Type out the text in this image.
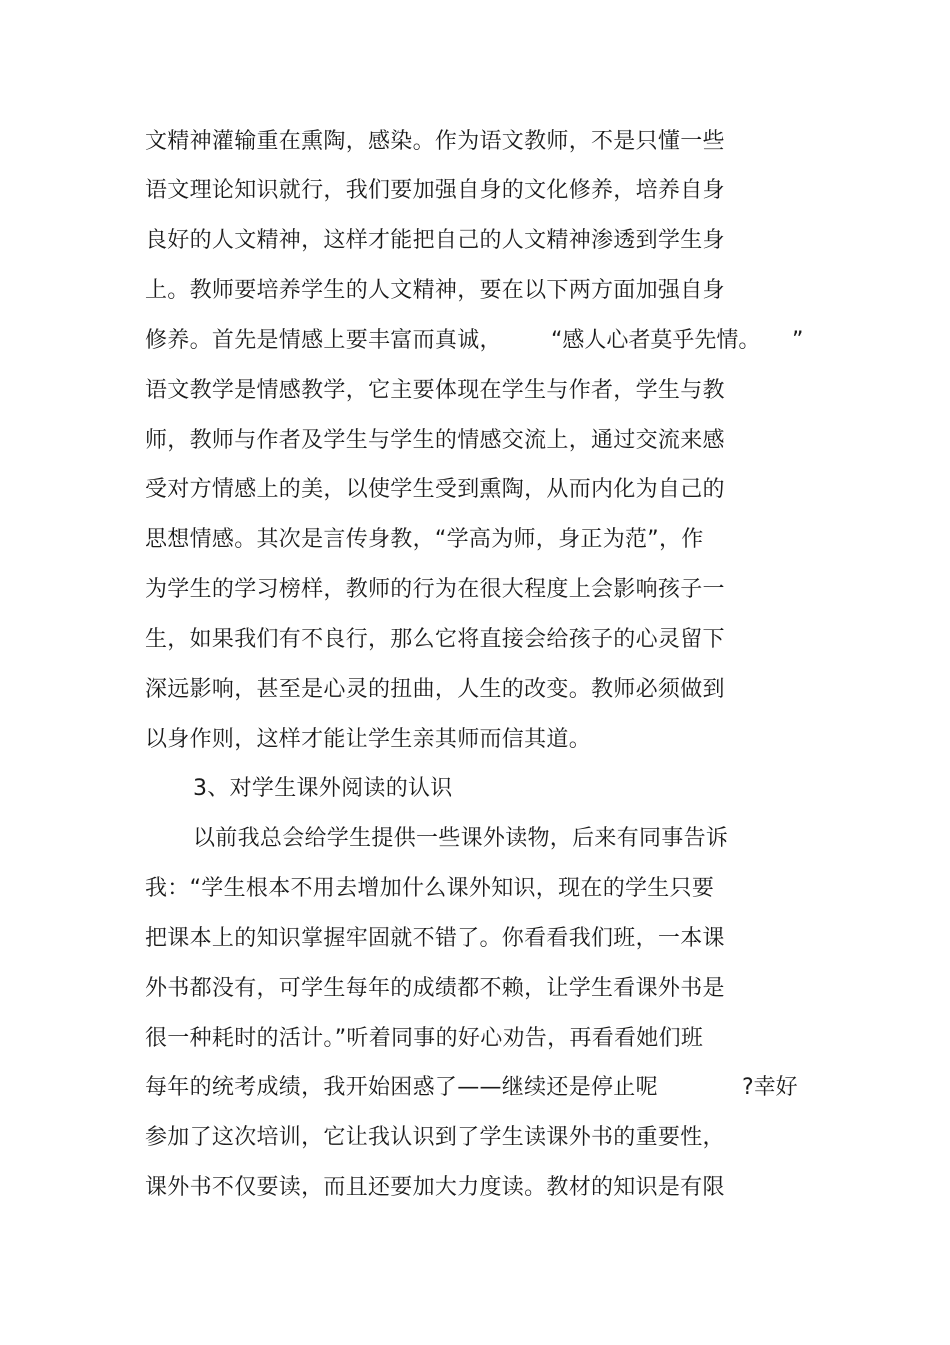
文精神灌输重在熏陶，感染。作为语文教师，不是只懂一些
语文理论知识就行，我们要加强自身的文化修养，培养自身
良好的人文精神，这样才能把自己的人文精神渗透到学生身
上。教师要培养学生的人文精神，要在以下两方面加强自身
修养。首先是情感上要丰富而真诚， “感人心者莫乎先情。 ”
语文教学是情感教学，它主要体现在学生与作者，学生与教
师，教师与作者及学生与学生的情感交流上，通过交流来感
受对方情感上的美，以使学生受到熏陶，从而内化为自己的
思想情感。其次是言传身教，“学高为师，身正为范”，作
为学生的学习榜样，教师的行为在很大程度上会影响孩子一
生，如果我们有不良行，那么它将直接会给孩子的心灵留下
深远影响，甚至是心灵的扭曲，人生的改变。教师必须做到
以身作则，这样才能让学生亲其师而信其道。
3、对学生课外阅读的认识
以前我总会给学生提供一些课外读物，后来有同事告诉
我：“学生根本不用去增加什么课外知识，现在的学生只要
把课本上的知识掌握牢固就不错了。你看看我们班，一本课
外书都没有，可学生每年的成绩都不赖，让学生看课外书是
很一种耗时的活计。”听着同事的好心劝告，再看看她们班
每年的统考成绩，我开始困惑了——继续还是停止呢	?幸好
参加了这次培训，它让我认识到了学生读课外书的重要性，
课外书不仅要读，而且还要加大力度读。教材的知识是有限
